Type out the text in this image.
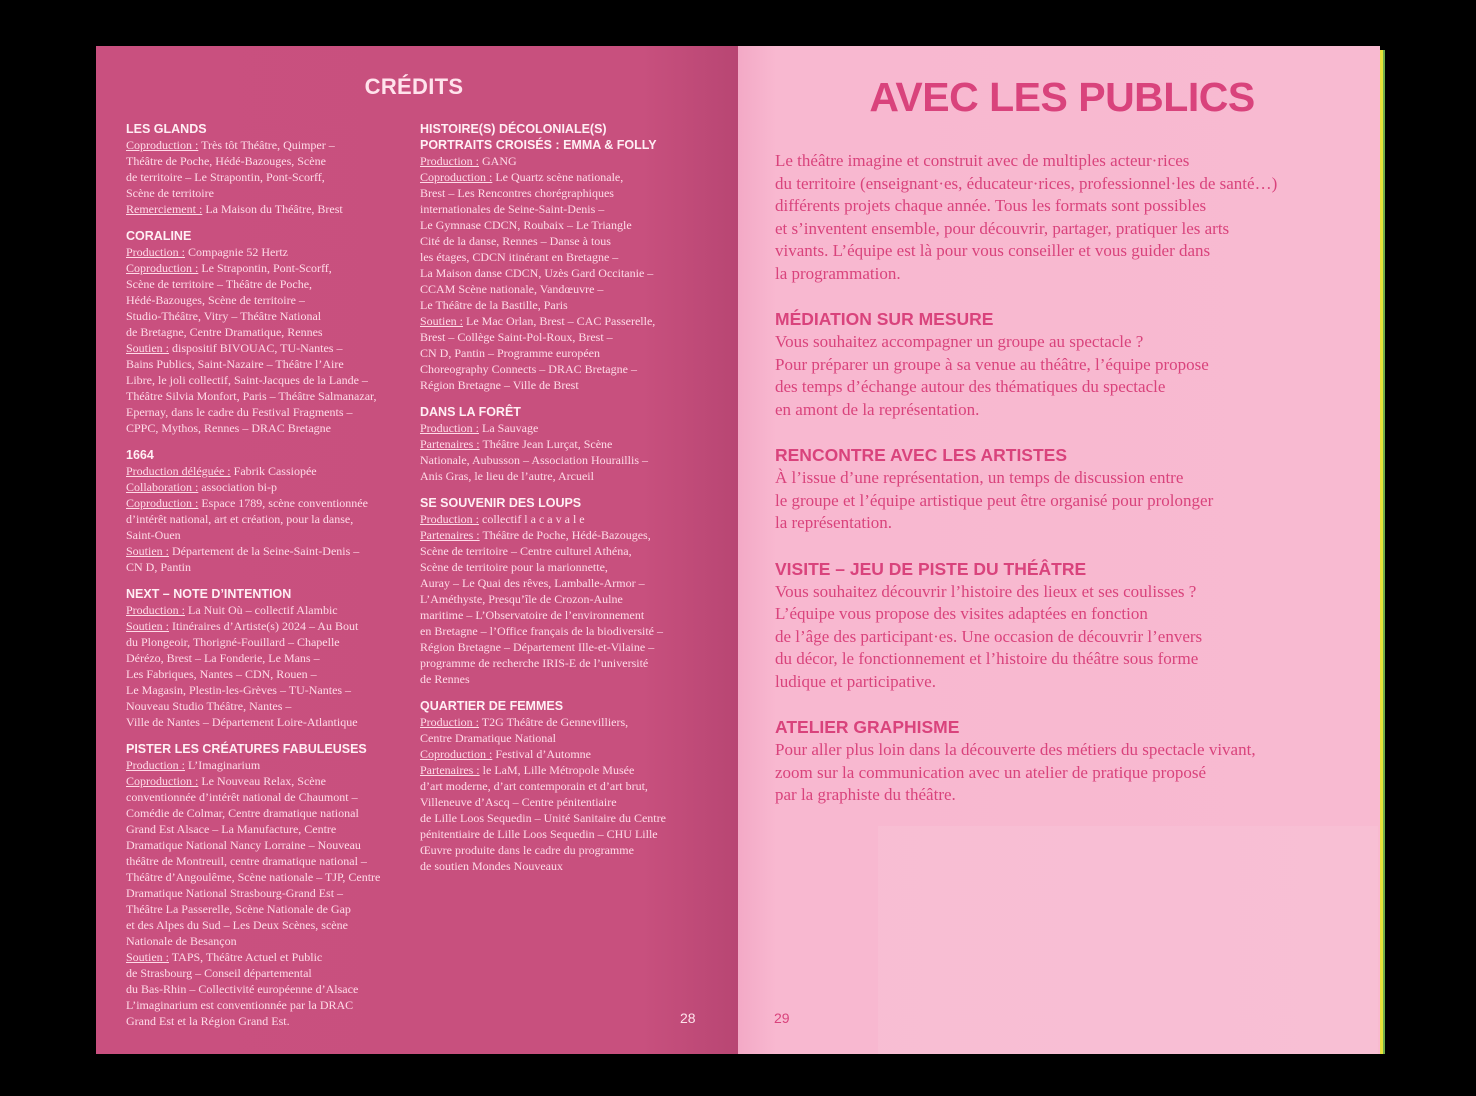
CRÉDITS

LES GLANDS

Coproduction : Très tôt Théâtre, Quimper –

Théâtre de Poche, Hédé-Bazouges, Scène

de territoire – Le Strapontin, Pont-Scorff,

Scène de territoire

Remerciement : La Maison du Théâtre, Brest

CORALINE

Production : Compagnie 52 Hertz

Coproduction : Le Strapontin, Pont-Scorff,

Scène de territoire – Théâtre de Poche,

Hédé-Bazouges, Scène de territoire –

Studio-Théâtre, Vitry – Théâtre National

de Bretagne, Centre Dramatique, Rennes

Soutien : dispositif BIVOUAC, TU-Nantes –

Bains Publics, Saint-Nazaire – Théâtre l’Aire

Libre, le joli collectif, Saint-Jacques de la Lande –

Théâtre Silvia Monfort, Paris – Théâtre Salmanazar,

Epernay, dans le cadre du Festival Fragments –

CPPC, Mythos, Rennes – DRAC Bretagne

1664

Production déléguée : Fabrik Cassiopée

Collaboration : association bi-p

Coproduction : Espace 1789, scène conventionnée

d’intérêt national, art et création, pour la danse,

Saint-Ouen

Soutien : Département de la Seine-Saint-Denis –

CN D, Pantin

NEXT – NOTE D’INTENTION

Production : La Nuit Où – collectif Alambic

Soutien : Itinéraires d’Artiste(s) 2024 – Au Bout

du Plongeoir, Thorigné-Fouillard – Chapelle

Dérézo, Brest – La Fonderie, Le Mans –

Les Fabriques, Nantes – CDN, Rouen –

Le Magasin, Plestin-les-Grèves – TU-Nantes –

Nouveau Studio Théâtre, Nantes –

Ville de Nantes – Département Loire-Atlantique

PISTER LES CRÉATURES FABULEUSES

Production : L’Imaginarium

Coproduction : Le Nouveau Relax, Scène

conventionnée d’intérêt national de Chaumont –

Comédie de Colmar, Centre dramatique national

Grand Est Alsace – La Manufacture, Centre

Dramatique National Nancy Lorraine – Nouveau

théâtre de Montreuil, centre dramatique national –

Théâtre d’Angoulême, Scène nationale – TJP, Centre

Dramatique National Strasbourg-Grand Est –

Théâtre La Passerelle, Scène Nationale de Gap

et des Alpes du Sud – Les Deux Scènes, scène

Nationale de Besançon

Soutien : TAPS, Théâtre Actuel et Public

de Strasbourg – Conseil départemental

du Bas-Rhin – Collectivité européenne d’Alsace

L’imaginarium est conventionnée par la DRAC

Grand Est et la Région Grand Est.

HISTOIRE(S) DÉCOLONIALE(S)

PORTRAITS CROISÉS : EMMA & FOLLY

Production : GANG

Coproduction : Le Quartz scène nationale,

Brest – Les Rencontres chorégraphiques

internationales de Seine-Saint-Denis –

Le Gymnase CDCN, Roubaix – Le Triangle

Cité de la danse, Rennes – Danse à tous

les étages, CDCN itinérant en Bretagne –

La Maison danse CDCN, Uzès Gard Occitanie –

CCAM Scène nationale, Vandœuvre –

Le Théâtre de la Bastille, Paris

Soutien : Le Mac Orlan, Brest – CAC Passerelle,

Brest – Collège Saint-Pol-Roux, Brest –

CN D, Pantin – Programme européen

Choreography Connects – DRAC Bretagne –

Région Bretagne – Ville de Brest

DANS LA FORÊT

Production : La Sauvage

Partenaires : Théâtre Jean Lurçat, Scène

Nationale, Aubusson – Association Houraillis –

Anis Gras, le lieu de l’autre, Arcueil

SE SOUVENIR DES LOUPS

Production : collectif l a c a v a l e

Partenaires : Théâtre de Poche, Hédé-Bazouges,

Scène de territoire – Centre culturel Athéna,

Scène de territoire pour la marionnette,

Auray – Le Quai des rêves, Lamballe-Armor –

L’Améthyste, Presqu’île de Crozon-Aulne

maritime – L’Observatoire de l’environnement

en Bretagne – l’Office français de la biodiversité –

Région Bretagne – Département Ille-et-Vilaine –

programme de recherche IRIS-E de l’université

de Rennes

QUARTIER DE FEMMES

Production : T2G Théâtre de Gennevilliers,

Centre Dramatique National

Coproduction : Festival d’Automne

Partenaires : le LaM, Lille Métropole Musée

d’art moderne, d’art contemporain et d’art brut,

Villeneuve d’Ascq – Centre pénitentiaire

de Lille Loos Sequedin – Unité Sanitaire du Centre

pénitentiaire de Lille Loos Sequedin – CHU Lille

Œuvre produite dans le cadre du programme

de soutien Mondes Nouveaux

28
AVEC LES PUBLICS

Le théâtre imagine et construit avec de multiples acteur·rices
du territoire (enseignant·es, éducateur·rices, professionnel·les de santé…)
différents projets chaque année. Tous les formats sont possibles
et s’inventent ensemble, pour découvrir, partager, pratiquer les arts
vivants. L’équipe est là pour vous conseiller et vous guider dans
la programmation.

MÉDIATION SUR MESURE

Vous souhaitez accompagner un groupe au spectacle ?
Pour préparer un groupe à sa venue au théâtre, l’équipe propose
des temps d’échange autour des thématiques du spectacle
en amont de la représentation.

RENCONTRE AVEC LES ARTISTES

À l’issue d’une représentation, un temps de discussion entre
le groupe et l’équipe artistique peut être organisé pour prolonger
la représentation.

VISITE – JEU DE PISTE DU THÉÂTRE

Vous souhaitez découvrir l’histoire des lieux et ses coulisses ?
L’équipe vous propose des visites adaptées en fonction
de l’âge des participant·es. Une occasion de découvrir l’envers
du décor, le fonctionnement et l’histoire du théâtre sous forme
ludique et participative.

ATELIER GRAPHISME

Pour aller plus loin dans la découverte des métiers du spectacle vivant,
zoom sur la communication avec un atelier de pratique proposé
par la graphiste du théâtre.

29
